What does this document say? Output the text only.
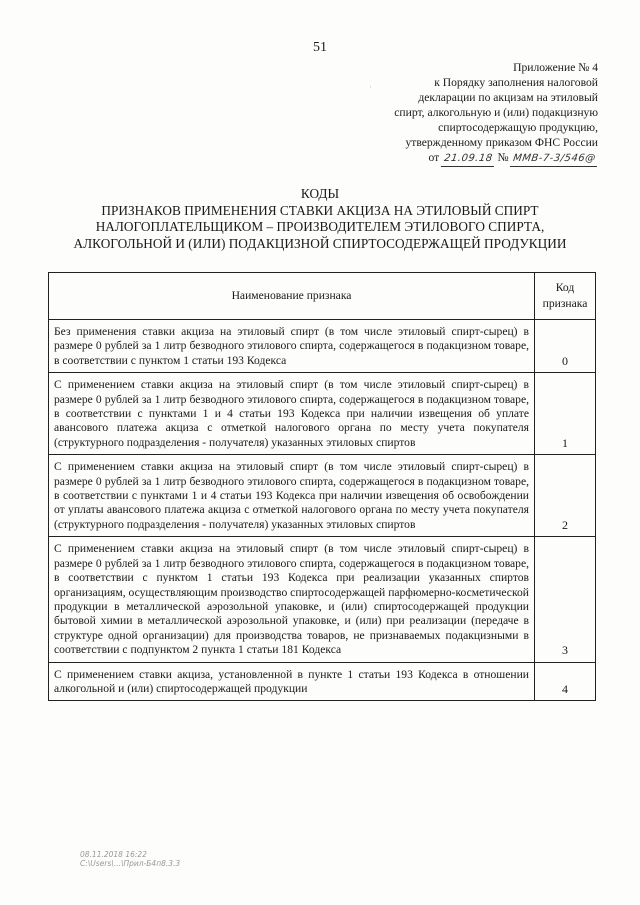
51
·
Приложение № 4
к Порядку заполнения налоговой
декларации по акцизам на этиловый
спирт, алкогольную и (или) подакцизную
спиртосодержащую продукцию,
утвержденному приказом ФНС России
от 21.09.18 № ММВ-7-3/546@
КОДЫ
ПРИЗНАКОВ ПРИМЕНЕНИЯ СТАВКИ АКЦИЗА НА ЭТИЛОВЫЙ СПИРТ
НАЛОГОПЛАТЕЛЬЩИКОМ – ПРОИЗВОДИТЕЛЕМ ЭТИЛОВОГО СПИРТА,
АЛКОГОЛЬНОЙ И (ИЛИ) ПОДАКЦИЗНОЙ СПИРТОСОДЕРЖАЩЕЙ ПРОДУКЦИИ
Наименование признака	Код
признака
Без применения ставки акциза на этиловый спирт (в том числе этиловый спирт-сырец) в размере 0 рублей за 1 литр безводного этилового спирта, содержащегося в подакцизном товаре, в соответствии с пунктом 1 статьи 193 Кодекса	0
С применением ставки акциза на этиловый спирт (в том числе этиловый спирт-сырец) в размере 0 рублей за 1 литр безводного этилового спирта, содержащегося в подакцизном товаре, в соответствии с пунктами 1 и 4 статьи 193 Кодекса при наличии извещения об уплате авансового платежа акциза с отметкой налогового органа по месту учета покупателя (структурного подразделения - получателя) указанных этиловых спиртов	1
С применением ставки акциза на этиловый спирт (в том числе этиловый спирт-сырец) в размере 0 рублей за 1 литр безводного этилового спирта, содержащегося в подакцизном товаре, в соответствии с пунктами 1 и 4 статьи 193 Кодекса при наличии извещения об освобождении от уплаты авансового платежа акциза с отметкой налогового органа по месту учета покупателя (структурного подразделения - получателя) указанных этиловых спиртов	2
С применением ставки акциза на этиловый спирт (в том числе этиловый спирт-сырец) в размере 0 рублей за 1 литр безводного этилового спирта, содержащегося в подакцизном товаре, в соответствии с пунктом 1 статьи 193 Кодекса при реализации указанных спиртов организациям, осуществляющим производство спиртосодержащей парфюмерно-косметической продукции в металлической аэрозольной упаковке, и (или) спиртосодержащей продукции бытовой химии в металлической аэрозольной упаковке, и (или) при реализации (передаче в структуре одной организации) для производства товаров, не признаваемых подакцизными в соответствии с подпунктом 2 пункта 1 статьи 181 Кодекса	3
С применением ставки акциза, установленной в пункте 1 статьи 193 Кодекса в отношении алкогольной и (или) спиртосодержащей продукции	4
08.11.2018 16:22
C:\Users\...\Прил-Б4п8.3.3
